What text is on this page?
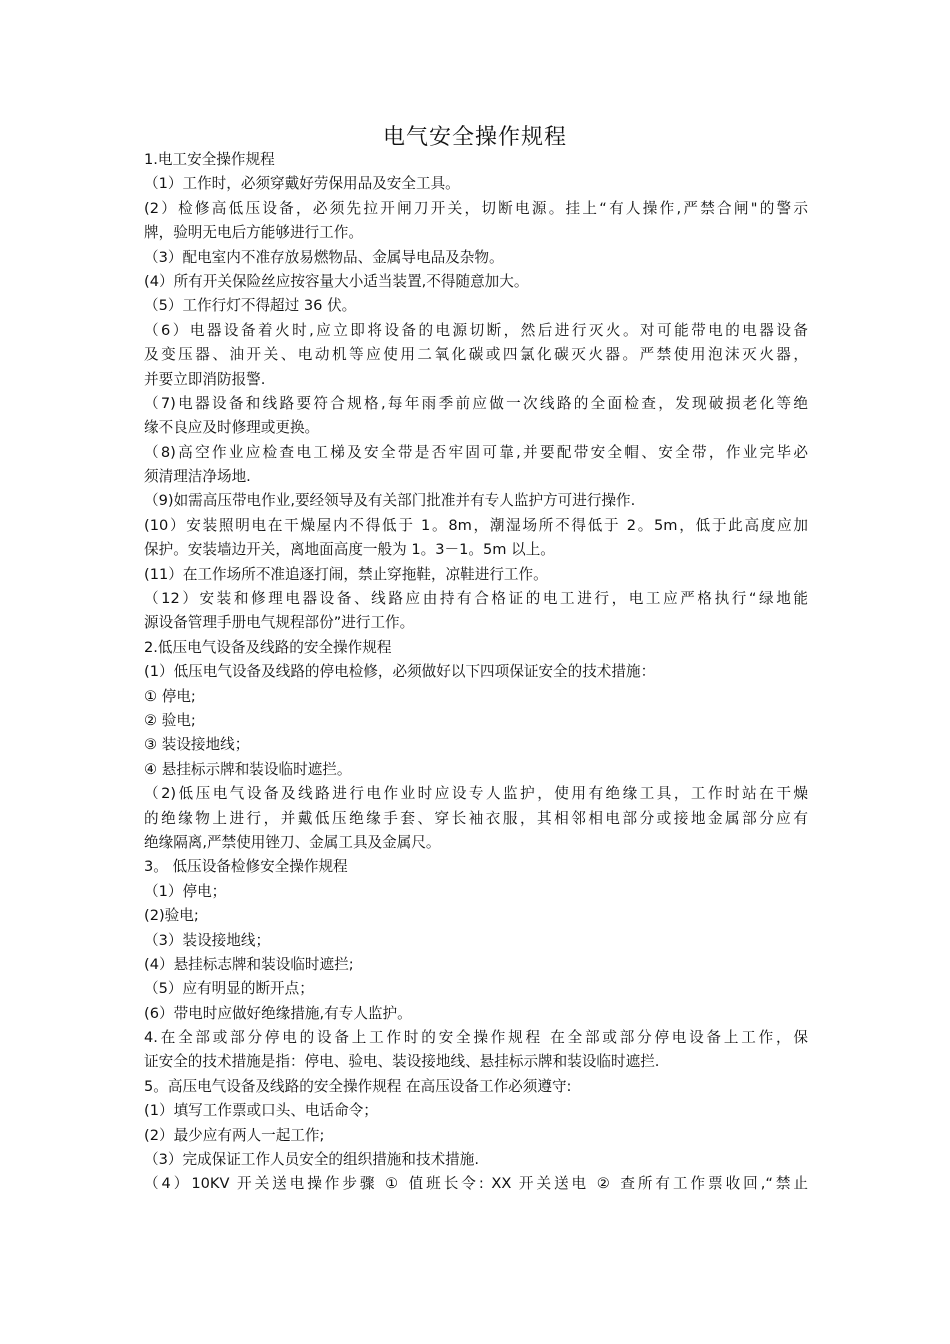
电气安全操作规程
1.电工安全操作规程
（1）工作时，必须穿戴好劳保用品及安全工具。
(2）检修高低压设备，必须先拉开闸刀开关，切断电源。挂上“有人操作,严禁合闸"的警示
牌，验明无电后方能够进行工作。
（3）配电室内不准存放易燃物品、金属导电品及杂物。
(4）所有开关保险丝应按容量大小适当装置,不得随意加大。
（5）工作行灯不得超过 36 伏。
（6）电器设备着火时,应立即将设备的电源切断，然后进行灭火。对可能带电的电器设备
及变压器、油开关、电动机等应使用二氧化碳或四氯化碳灭火器。严禁使用泡沫灭火器，
并要立即消防报警.
（7)电器设备和线路要符合规格,每年雨季前应做一次线路的全面检查，发现破损老化等绝
缘不良应及时修理或更换。
（8)高空作业应检查电工梯及安全带是否牢固可靠,并要配带安全帽、安全带，作业完毕必
须清理洁净场地.
（9)如需高压带电作业,要经领导及有关部门批准并有专人监护方可进行操作.
(10）安装照明电在干燥屋内不得低于 1。8m，潮湿场所不得低于 2。5m，低于此高度应加
保护。安装墙边开关，离地面高度一般为 1。3－1。5m 以上。
(11）在工作场所不准追逐打闹，禁止穿拖鞋，凉鞋进行工作。
（12）安装和修理电器设备、线路应由持有合格证的电工进行，电工应严格执行“绿地能
源设备管理手册电气规程部份”进行工作。
2.低压电气设备及线路的安全操作规程
(1）低压电气设备及线路的停电检修，必须做好以下四项保证安全的技术措施：
① 停电;
② 验电;
③ 装设接地线；
④ 悬挂标示牌和装设临时遮拦。
（2)低压电气设备及线路进行电作业时应设专人监护，使用有绝缘工具，工作时站在干燥
的绝缘物上进行，并戴低压绝缘手套、穿长袖衣服，其相邻相电部分或接地金属部分应有
绝缘隔离,严禁使用锉刀、金属工具及金属尺。
3。 低压设备检修安全操作规程
（1）停电；
(2)验电;
（3）装设接地线；
(4）悬挂标志牌和装设临时遮拦;
（5）应有明显的断开点；
(6）带电时应做好绝缘措施,有专人监护。
4.在全部或部分停电的设备上工作时的安全操作规程 在全部或部分停电设备上工作，保
证安全的技术措施是指：停电、验电、装设接地线、悬挂标示牌和装设临时遮拦.
5。高压电气设备及线路的安全操作规程 在高压设备工作必须遵守:
(1）填写工作票或口头、电话命令；
(2）最少应有两人一起工作;
（3）完成保证工作人员安全的组织措施和技术措施.
（4）10KV 开关送电操作步骤 ① 值班长令: XX 开关送电 ② 查所有工作票收回,“禁止
